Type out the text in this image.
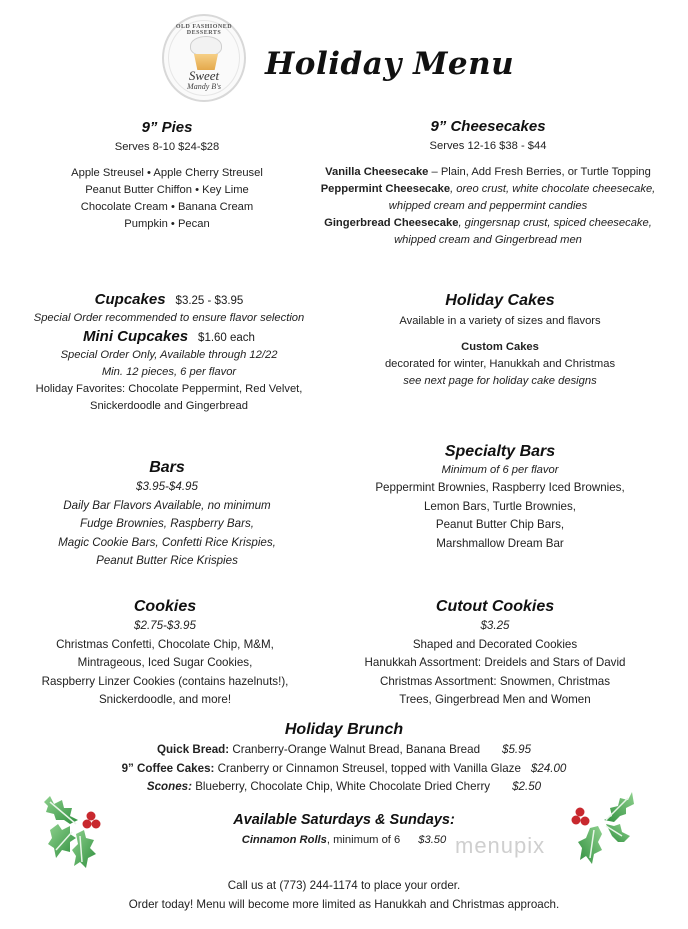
OLD FASHIONED DESSERTS
Sweet
Mandy B's
Holiday Menu
9” Pies
Serves 8-10 $24-$28
Apple Streusel • Apple Cherry Streusel
Peanut Butter Chiffon • Key Lime
Chocolate Cream • Banana Cream
Pumpkin • Pecan
9” Cheesecakes
Serves 12-16 $38 - $44
Vanilla Cheesecake – Plain, Add Fresh Berries, or Turtle Topping
Peppermint Cheesecake, oreo crust, white chocolate cheesecake,
whipped cream and peppermint candies
Gingerbread Cheesecake, gingersnap crust, spiced cheesecake,
whipped cream and Gingerbread men
Cupcakes $3.25 - $3.95
Special Order recommended to ensure flavor selection
Mini Cupcakes $1.60 each
Special Order Only, Available through 12/22
Min. 12 pieces, 6 per flavor
Holiday Favorites: Chocolate Peppermint, Red Velvet,
Snickerdoodle and Gingerbread
Holiday Cakes
Available in a variety of sizes and flavors
Custom Cakes
decorated for winter, Hanukkah and Christmas
see next page for holiday cake designs
Bars
$3.95-$4.95
Daily Bar Flavors Available, no minimum
Fudge Brownies, Raspberry Bars,
Magic Cookie Bars, Confetti Rice Krispies,
Peanut Butter Rice Krispies
Specialty Bars
Minimum of 6 per flavor
Peppermint Brownies, Raspberry Iced Brownies,
Lemon Bars, Turtle Brownies,
Peanut Butter Chip Bars,
Marshmallow Dream Bar
Cookies
$2.75-$3.95
Christmas Confetti, Chocolate Chip, M&M,
Mintrageous, Iced Sugar Cookies,
Raspberry Linzer Cookies (contains hazelnuts!),
Snickerdoodle, and more!
Cutout Cookies
$3.25
Shaped and Decorated Cookies
Hanukkah Assortment: Dreidels and Stars of David
Christmas Assortment: Snowmen, Christmas
Trees, Gingerbread Men and Women
Holiday Brunch
Quick Bread: Cranberry-Orange Walnut Bread, Banana Bread $5.95
9” Coffee Cakes: Cranberry or Cinnamon Streusel, topped with Vanilla Glaze $24.00
Scones: Blueberry, Chocolate Chip, White Chocolate Dried Cherry $2.50
Available Saturdays & Sundays:
Cinnamon Rolls, minimum of 6 $3.50 menupix
Call us at (773) 244-1174 to place your order.
Order today! Menu will become more limited as Hanukkah and Christmas approach.
